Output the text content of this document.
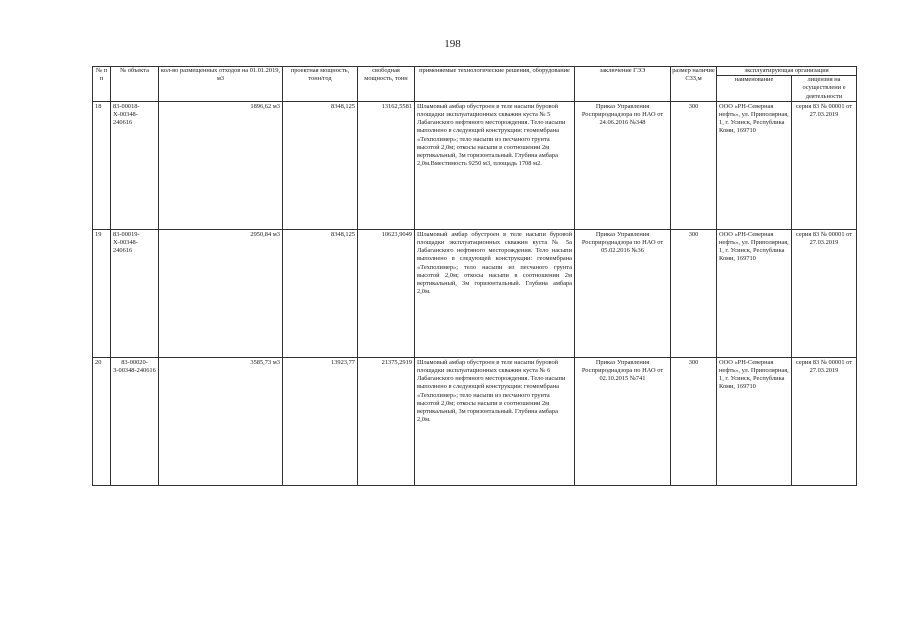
198
№ п п	№ объекта	кол-во размещенных отходов на 01.01.2019, м3	проектная мощность, тонн/год	свободная мощность, тонн	применяемые технологические решения, оборудование	заключение ГЭЭ	размер наличие СЗЗ,м	эксплуатирующая организация	
								наименование	лицензия на осуществлени е деятельности
18	83-00018-Х-00348-240616	1896,62 м3	8348,125	13162,5581	Шламовый амбар обустроен в теле насыпи буровой площадки эксплуатационных скважин куста № 5 Лабаганского нефтяного месторождения. Тело насыпи выполнено в следующей конструкции: геомембрана «Техполимер»; тело насыпи из песчаного грунта высотой 2,0м; откосы насыпи в соотношении 2м вертикальный, 3м горизонтальный. Глубина амбара 2,0м.Вместимость 9250 м3, площадь 1708 м2.	Приказ Управления Росприроднадзора по НАО от 24.06.2016 №348	300	ООО «РН-Северная нефть», ул. Приполярная, 1, г. Усинск, Республика Коми, 169710	серия 83 № 00001 от 27.03.2019
19	83-00019-Х-00348-240616	2950,84 м3	8348,125	10623,9049	Шламовый амбар обустроен в теле насыпи буровой площадки эксплуатационных скважин куста № 5а Лабаганского нефтяного месторождения. Тело насыпи выполнено в следующей конструкции: геомембрана «Техполимер»; тело насыпи из песчаного грунта высотой 2,0м; откосы насыпи в соотношении 2м вертикальный, 3м горизонтальный. Глубина амбара 2,0м.	Приказ Управления Росприроднадзора по НАО от 05.02.2016 №36	300	ООО «РН-Северная нефть», ул. Приполярная, 1, г. Усинск, Республика Коми, 169710	серия 83 № 00001 от 27.03.2019
20	83-00020-З-00348-240616	3585,73 м3	13923,77	21375,2919	Шламовый амбар обустроен в теле насыпи буровой площадки эксплуатационных скважин куста № 6 Лабаганского нефтяного месторождения. Тело насыпи выполнено в следующей конструкции: геомембрана «Техполимер»; тело насыпи из песчаного грунта высотой 2,0м; откосы насыпи в соотношении 2м вертикальный, 3м горизонтальный. Глубина амбара 2,0м.	Приказ Управления Росприроднадзора по НАО от 02.10.2015 №741	300	ООО «РН-Северная нефть», ул. Приполярная, 1, г. Усинск, Республика Коми, 169710	серия 83 № 00001 от 27.03.2019
